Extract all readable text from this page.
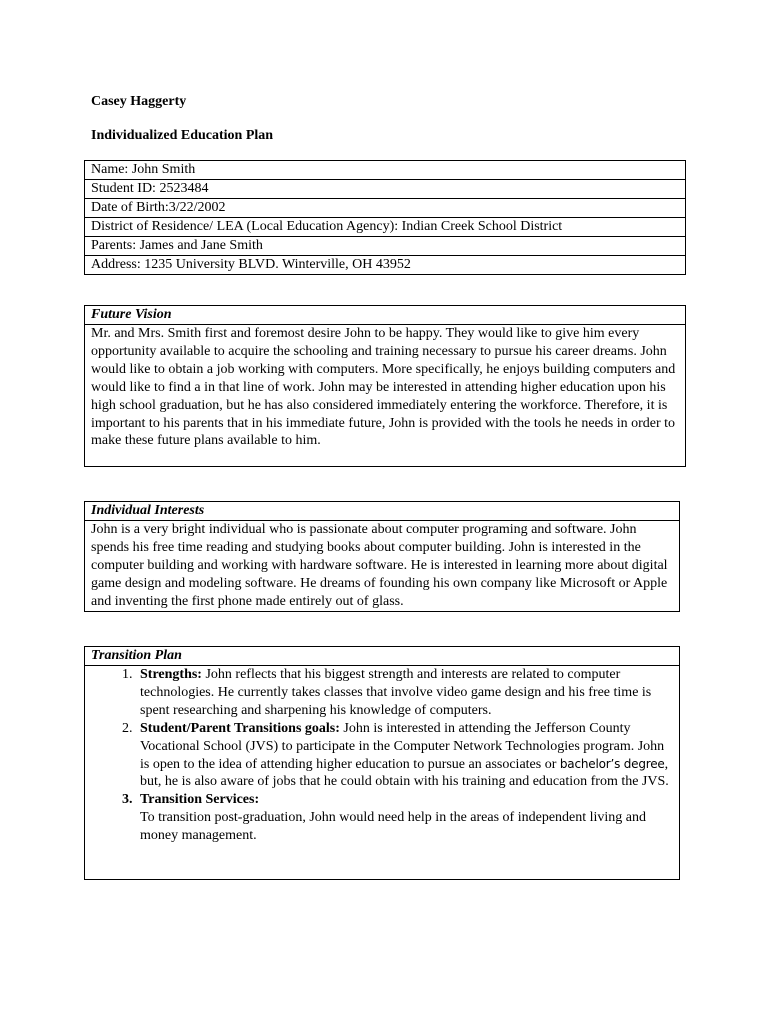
Casey Haggerty
Individualized Education Plan
Name: John Smith
Student ID: 2523484
Date of Birth:3/22/2002
District of Residence/ LEA (Local Education Agency): Indian Creek School District
Parents: James and Jane Smith
Address: 1235 University BLVD. Winterville, OH 43952
Future Vision
Mr. and Mrs. Smith first and foremost desire John to be happy. They would like to give him every opportunity available to acquire the schooling and training necessary to pursue his career dreams. John would like to obtain a job working with computers. More specifically, he enjoys building computers and would like to find a in that line of work. John may be interested in attending higher education upon his high school graduation, but he has also considered immediately entering the workforce. Therefore, it is important to his parents that in his immediate future, John is provided with the tools he needs in order to make these future plans available to him.
Individual Interests
John is a very bright individual who is passionate about computer programing and software. John spends his free time reading and studying books about computer building. John is interested in the computer building and working with hardware software. He is interested in learning more about digital game design and modeling software. He dreams of founding his own company like Microsoft or Apple and inventing the first phone made entirely out of glass.
Transition Plan
1. Strengths: John reflects that his biggest strength and interests are related to computer technologies. He currently takes classes that involve video game design and his free time is spent researching and sharpening his knowledge of computers.
2. Student/Parent Transitions goals: John is interested in attending the Jefferson County Vocational School (JVS) to participate in the Computer Network Technologies program. John is open to the idea of attending higher education to pursue an associates or bachelor’s degree, but, he is also aware of jobs that he could obtain with his training and education from the JVS.
3. Transition Services:
To transition post-graduation, John would need help in the areas of independent living and money management.
